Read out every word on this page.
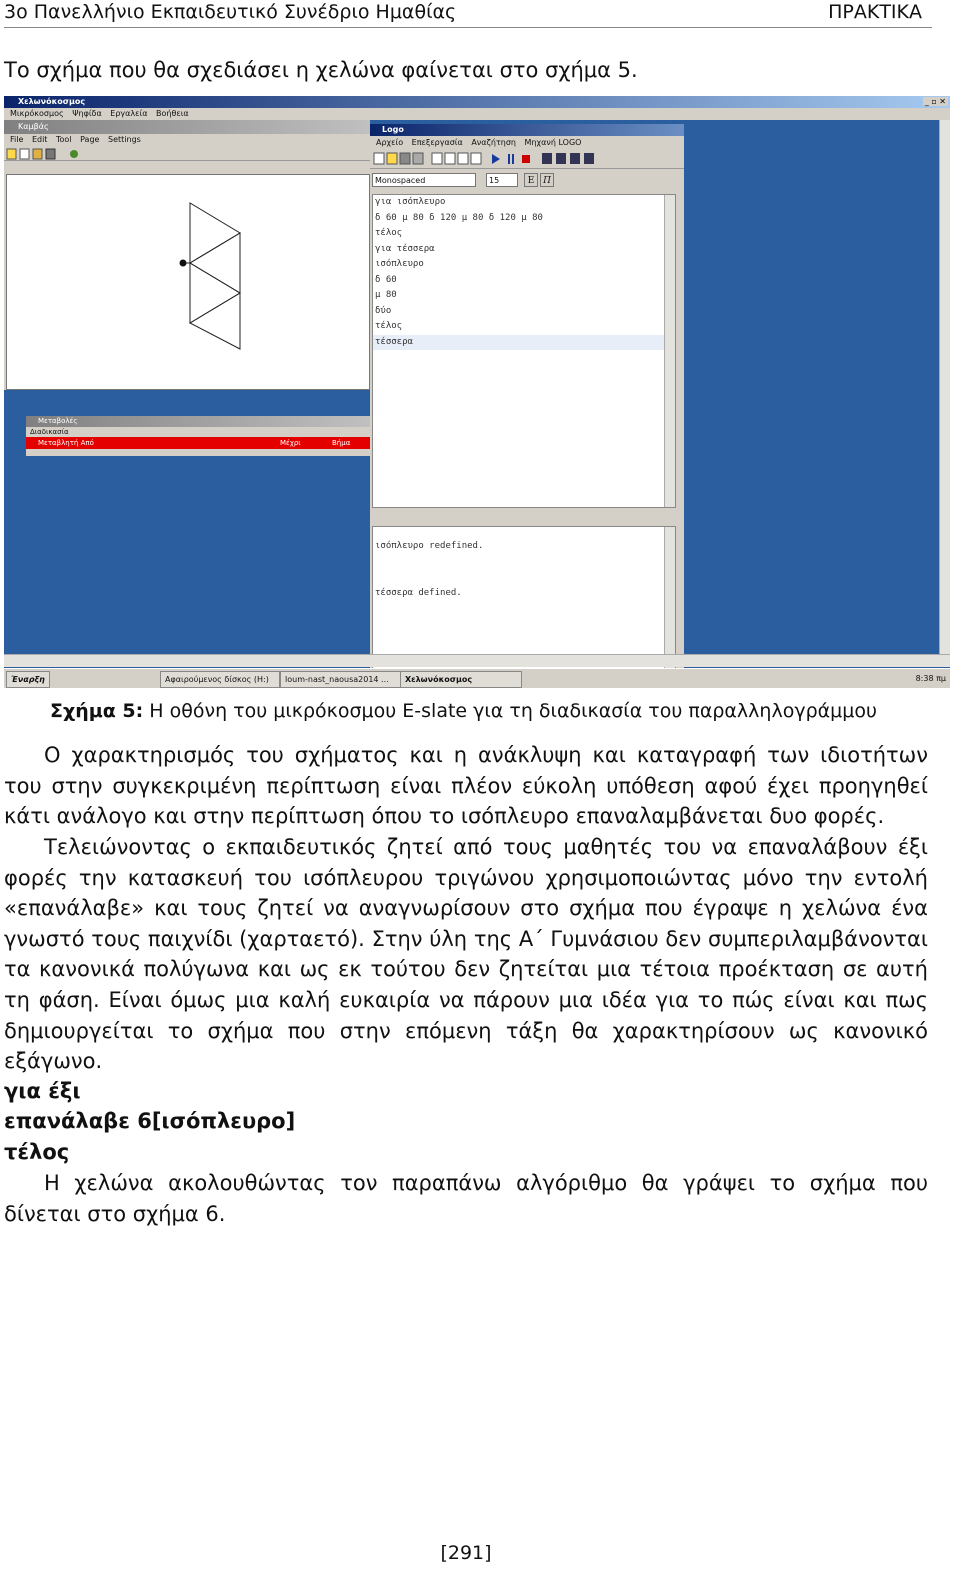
3ο Πανελλήνιο Εκπαιδευτικό Συνέδριο Ημαθίας	ΠΡΑΚΤΙΚΑ
Το σχήμα που θα σχεδιάσει η χελώνα φαίνεται στο σχήμα 5.
Χελωνόκοσμος	_ ▫ ✕
Μικρόκοσμος Ψηφίδα Εργαλεία Βοήθεια
Καμβάς
File Edit Tool Page Settings
Μεταβολές
Διαδικασία
Μεταβλητή Από	Μέχρι	Βήμα
Logo
Αρχείο Επεξεργασία Αναζήτηση Μηχανή LOGO
Monospaced	15	E Π
για ισόπλευρο
δ 60 μ 80 δ 120 μ 80 δ 120 μ 80
τέλος
για τέσσερα
ισόπλευρο
δ 60
μ 80
δύο
τέλος
τέσσερα
ισόπλευρο redefined.
τέσσερα defined.
Έναρξη	Αφαιρούμενος δίσκος (H:)	loum-nast_naousa2014 ...	Χελωνόκοσμος	8:38 πμ
Σχήμα 5: Η οθόνη του μικρόκοσμου E-slate για τη διαδικασία του παραλληλογράμμου
Ο χαρακτηρισμός του σχήματος και η ανάκλυψη και καταγραφή των ιδιοτήτων του στην συγκεκριμένη περίπτωση είναι πλέον εύκολη υπόθεση αφού έχει προηγηθεί κάτι ανάλογο και στην περίπτωση όπου το ισόπλευρο επαναλαμβάνεται δυο φορές.
Τελειώνοντας ο εκπαιδευτικός ζητεί από τους μαθητές του να επαναλάβουν έξι φορές την κατασκευή του ισόπλευρου τριγώνου χρησιμοποιώντας μόνο την εντολή «επανάλαβε» και τους ζητεί να αναγνωρίσουν στο σχήμα που έγραψε η χελώνα ένα γνωστό τους παιχνίδι (χαρταετό). Στην ύλη της Α΄ Γυμνάσιου δεν συμπεριλαμβάνονται τα κανονικά πολύγωνα και ως εκ τούτου δεν ζητείται μια τέτοια προέκταση σε αυτή τη φάση. Είναι όμως μια καλή ευκαιρία να πάρουν μια ιδέα για το πώς είναι και πως δημιουργείται το σχήμα που στην επόμενη τάξη θα χαρακτηρίσουν ως κανονικό εξάγωνο.
για έξι
επανάλαβε 6[ισόπλευρο]
τέλος
Η χελώνα ακολουθώντας τον παραπάνω αλγόριθμο θα γράψει το σχήμα που δίνεται στο σχήμα 6.
[291]
